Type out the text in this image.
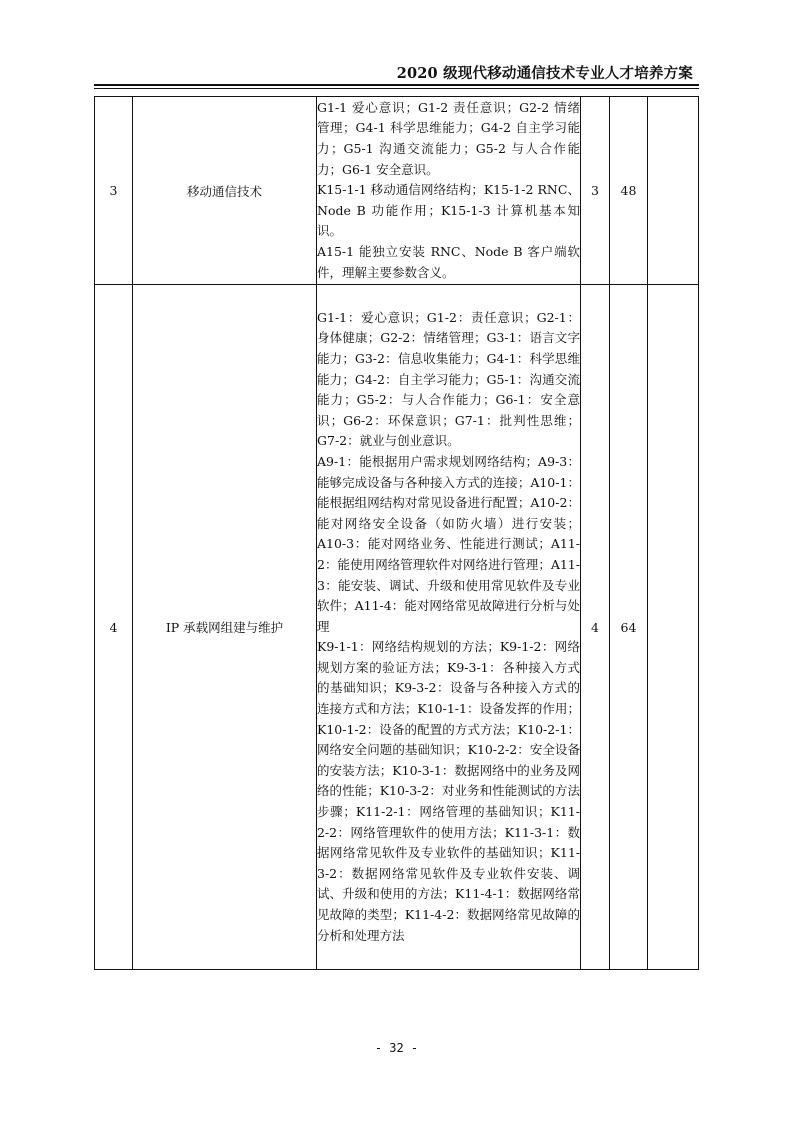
2020 级现代移动通信技术专业人才培养方案
3	移动通信技术	G1-1 爱心意识；G1-2 责任意识；G2-2 情绪管理；G4-1 科学思维能力；G4-2 自主学习能力；G5-1 沟通交流能力；G5-2 与人合作能力；G6-1 安全意识。

K15-1-1 移动通信网络结构；K15-1-2 RNC、Node B 功能作用；K15-1-3 计算机基本知识。

A15-1 能独立安装 RNC、Node B 客户端软件，理解主要参数含义。	3	48	
4	IP 承载网组建与维护	G1-1：爱心意识；G1-2：责任意识；G2-1：身体健康；G2-2：情绪管理；G3-1：语言文字能力；G3-2：信息收集能力；G4-1：科学思维能力；G4-2：自主学习能力；G5-1：沟通交流能力；G5-2：与人合作能力；G6-1：安全意识；G6-2：环保意识；G7-1：批判性思维；G7-2：就业与创业意识。

A9-1：能根据用户需求规划网络结构；A9-3：能够完成设备与各种接入方式的连接；A10-1：能根据组网结构对常见设备进行配置；A10-2：能对网络安全设备（如防火墙）进行安装；A10-3：能对网络业务、性能进行测试；A11-2：能使用网络管理软件对网络进行管理；A11-3：能安装、调试、升级和使用常见软件及专业软件；A11-4：能对网络常见故障进行分析与处理

K9-1-1：网络结构规划的方法；K9-1-2：网络规划方案的验证方法；K9-3-1：各种接入方式的基础知识；K9-3-2：设备与各种接入方式的连接方式和方法；K10-1-1：设备发挥的作用；K10-1-2：设备的配置的方式方法；K10-2-1：网络安全问题的基础知识；K10-2-2：安全设备的安装方法；K10-3-1：数据网络中的业务及网络的性能；K10-3-2：对业务和性能测试的方法步骤；K11-2-1：网络管理的基础知识；K11-2-2：网络管理软件的使用方法；K11-3-1：数据网络常见软件及专业软件的基础知识；K11-3-2：数据网络常见软件及专业软件安装、调试、升级和使用的方法；K11-4-1：数据网络常见故障的类型；K11-4-2：数据网络常见故障的分析和处理方法	4	64	
- 32 -
